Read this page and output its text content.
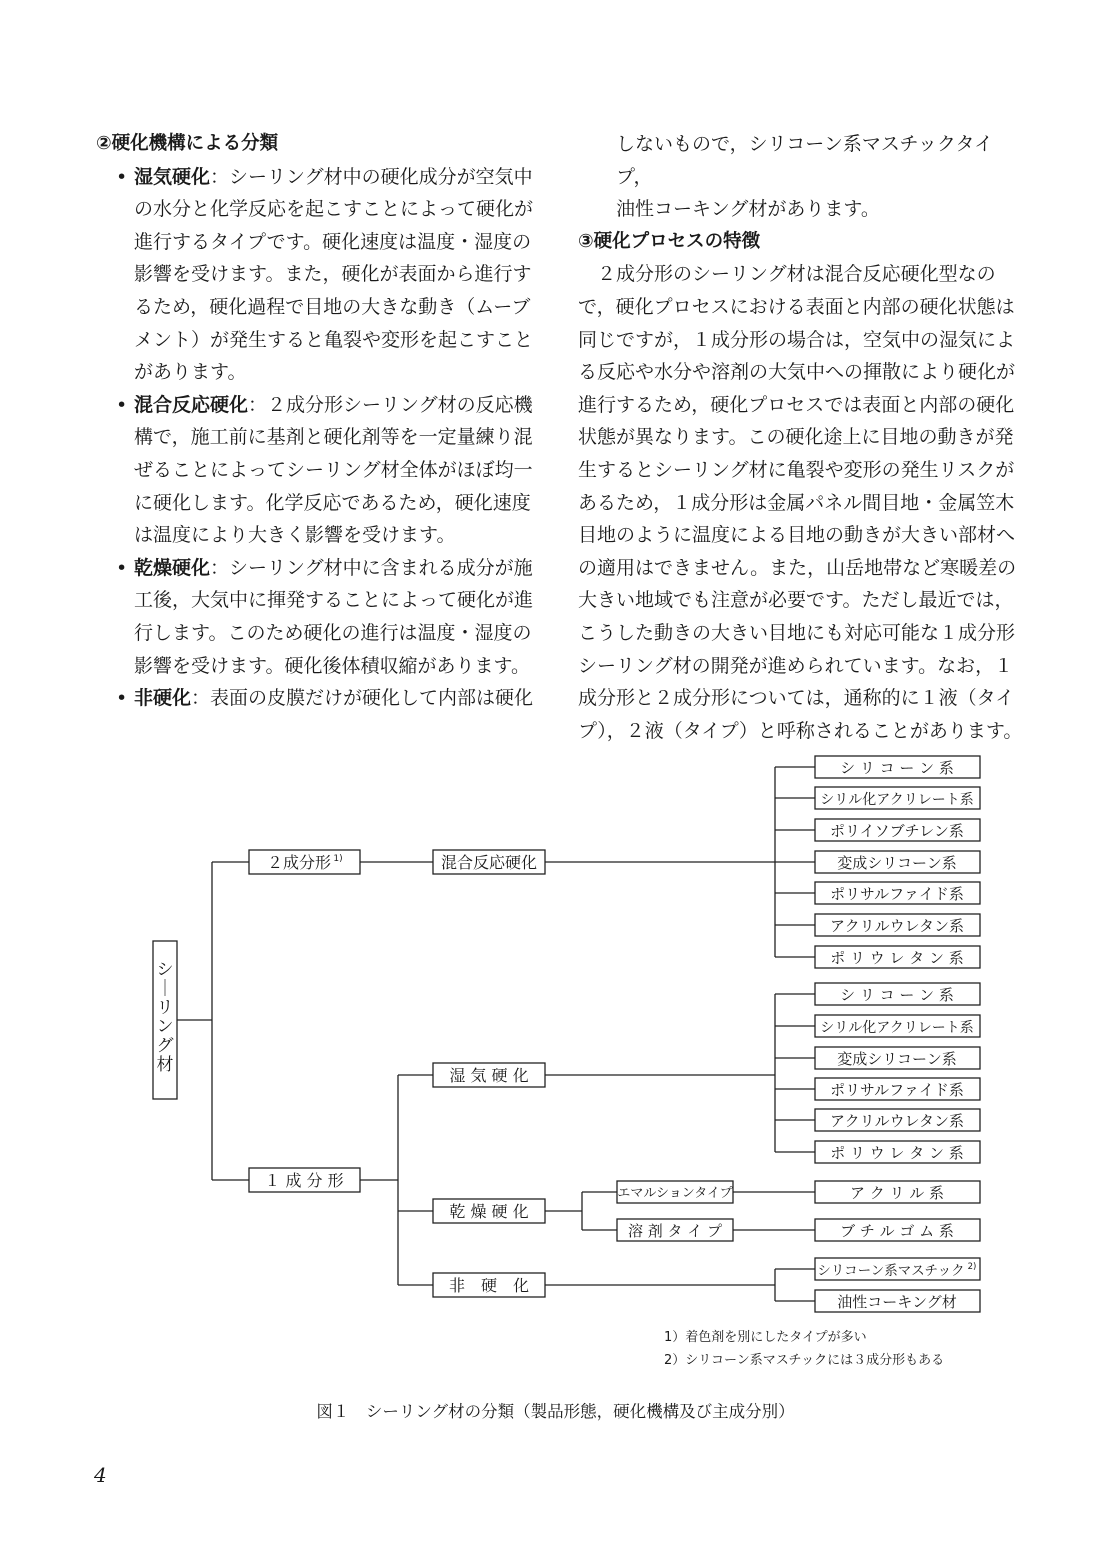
②硬化機構による分類

• 湿気硬化：シーリング材中の硬化成分が空気中

の水分と化学反応を起こすことによって硬化が

進行するタイプです。硬化速度は温度・湿度の

影響を受けます。また，硬化が表面から進行す

るため，硬化過程で目地の大きな動き（ムーブ

メント）が発生すると亀裂や変形を起こすこと

があります。

• 混合反応硬化：２成分形シーリング材の反応機

構で，施工前に基剤と硬化剤等を一定量練り混

ぜることによってシーリング材全体がほぼ均一

に硬化します。化学反応であるため，硬化速度

は温度により大きく影響を受けます。

• 乾燥硬化：シーリング材中に含まれる成分が施

工後，大気中に揮発することによって硬化が進

行します。このため硬化の進行は温度・湿度の

影響を受けます。硬化後体積収縮があります。

• 非硬化：表面の皮膜だけが硬化して内部は硬化

しないもので，シリコーン系マスチックタイプ，

油性コーキング材があります。

③硬化プロセスの特徴

２成分形のシーリング材は混合反応硬化型なの

で，硬化プロセスにおける表面と内部の硬化状態は

同じですが，１成分形の場合は，空気中の湿気によ

る反応や水分や溶剤の大気中への揮散により硬化が

進行するため，硬化プロセスでは表面と内部の硬化

状態が異なります。この硬化途上に目地の動きが発

生するとシーリング材に亀裂や変形の発生リスクが

あるため，１成分形は金属パネル間目地・金属笠木

目地のように温度による目地の動きが大きい部材へ

の適用はできません。また，山岳地帯など寒暖差の

大きい地域でも注意が必要です。ただし最近では，

こうした動きの大きい目地にも対応可能な１成分形

シーリング材の開発が進められています。なお，１

成分形と２成分形については，通称的に１液（タイ

プ），２液（タイプ）と呼称されることがあります。

シ｜リング材
２成分形 1)
１ 成 分 形
混合反応硬化
湿 気 硬 化
乾 燥 硬 化
非　硬　化
エマルションタイプ
溶 剤 タ イ プ
シ リ コ ー ン 系
シリル化アクリレート系
ポリイソブチレン系
変成シリコーン系
ポリサルファイド系
アクリルウレタン系
ポ リ ウ レ タ ン 系
シ リ コ ー ン 系
シリル化アクリレート系
変成シリコーン系
ポリサルファイド系
アクリルウレタン系
ポ リ ウ レ タ ン 系
ア ク リ ル 系
ブ チ ル ゴ ム 系
シリコーン系マスチック 2)
油性コーキング材
1）着色剤を別にしたタイプが多い
2）シリコーン系マスチックには３成分形もある
図１　シーリング材の分類（製品形態，硬化機構及び主成分別）
4
